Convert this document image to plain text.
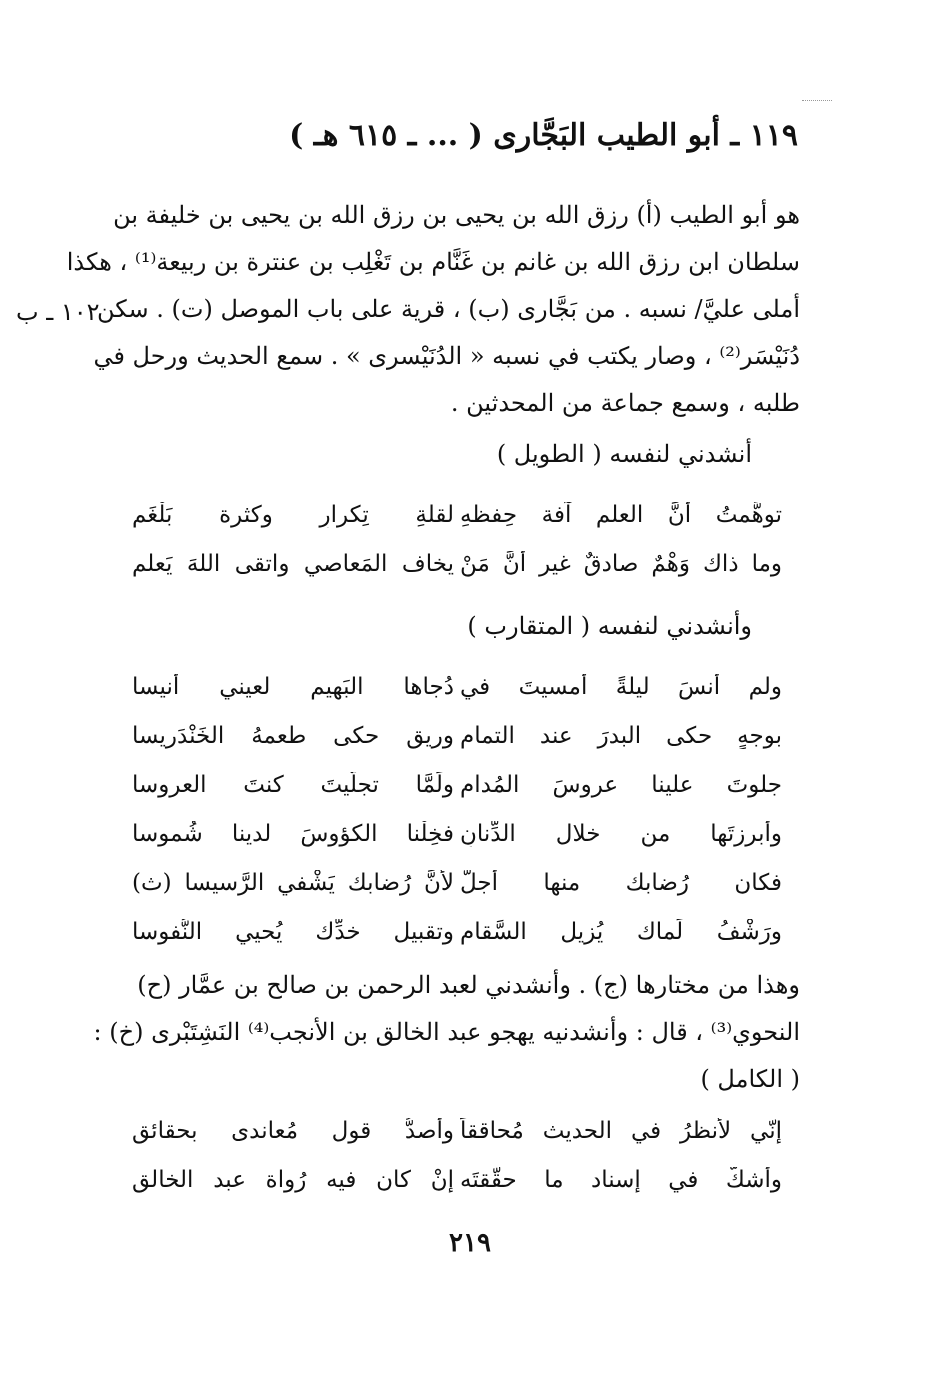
١١٩ ـ أبو الطيب البَجَّارى ( ... ـ ٦١٥ هـ )
١٠٢ ـ ب
هو أبو الطيب (أ) رزق الله بن يحيى بن رزق الله بن يحيى بن خليفة بن
سلطان ابن رزق الله بن غانم بن غَنَّام بن تَغْلِب بن عنترة بن ربيعة⁽¹⁾ ، هكذا
أملى عليَّ/ نسبه . من بَجَّارى (ب) ، قرية على باب الموصل (ت) . سكن
دُنَيْسَر⁽²⁾ ، وصار يكتب في نسبه « الدُنَيْسرى » . سمع الحديث ورحل في
طلبه ، وسمع جماعة من المحدثين .
أنشدني لنفسه ( الطويل )
توهَّمتُ أنَّ العلم آفة حِفظهِ
لقلةِ تِكرارٍ وكثرة بَلْغَمِ
وما ذاك وَهْمٌ صادقٌ غير أنَّ مَنْ
يخاف المَعاصي واتقى اللهَ يَعلمِ
وأنشدني لنفسه ( المتقارب )
ولم أنسَ ليلةً أمسيتَ في
دُجاها البَهيم لعيني أنيسا
بوجهٍ حكى البدرَ عند التمام
وريقٍ حكى طعمهُ الخَنْدَريسا
جلوتَ علينا عروسَ المُدام
ولَمَّا تجلَّيتَ كنتَ العروسا
وأبرزتَها من خلال الدِّنانِ
فخِلْنا الكؤوسَ لدينا شُموسا
فكان رُضابك منها أجلَّ
لأنَّ رُضابك يَشْفي الرَّسيسا (ث)
ورَشْفُ لَماك يُزيل السَّقام
وتقبيل خدِّك يُحيي النُّفوسا
وهذا من مختارها (ج) . وأنشدني لعبد الرحمن بن صالح بن عمَّار (ح)
النحوي⁽³⁾ ، قال : وأنشدنيه يهجو عبد الخالق بن الأنجب⁽⁴⁾ النَشِتَبْرى (خ) :
( الكامل )
إنّي لأنظرُ في الحديث مُحاققاً
وأصدُّ قول مُعاندى بحقائقِ
وأشكُّ في إسناد ما حقَّقتَه
إنْ كان فيه رُواة عبد الخالقِ
٢١٩
